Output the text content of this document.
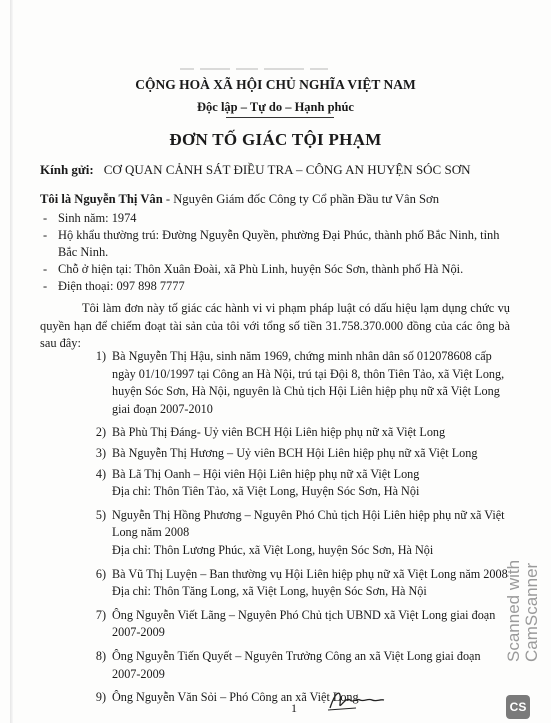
CỘNG HOÀ XÃ HỘI CHỦ NGHĨA VIỆT NAM
Độc lập – Tự do – Hạnh phúc
ĐƠN TỐ GIÁC TỘI PHẠM
Kính gửi: CƠ QUAN CẢNH SÁT ĐIỀU TRA – CÔNG AN HUYỆN SÓC SƠN
Tôi là Nguyễn Thị Vân - Nguyên Giám đốc Công ty Cổ phần Đầu tư Vân Sơn
- Sinh năm: 1974
- Hộ khẩu thường trú: Đường Nguyễn Quyền, phường Đại Phúc, thành phố Bắc Ninh, tỉnh Bắc Ninh.
- Chỗ ở hiện tại: Thôn Xuân Đoài, xã Phù Linh, huyện Sóc Sơn, thành phố Hà Nội.
- Điện thoại: 097 898 7777

Tôi làm đơn này tố giác các hành vi vi phạm pháp luật có dấu hiệu lạm dụng chức vụ quyền hạn để chiếm đoạt tài sản của tôi với tổng số tiền 31.758.370.000 đồng của các ông bà sau đây:

1) Bà Nguyễn Thị Hậu, sinh năm 1969, chứng minh nhân dân số 012078608 cấp ngày 01/10/1997 tại Công an Hà Nội, trú tại Đội 8, thôn Tiên Tảo, xã Việt Long, huyện Sóc Sơn, Hà Nội, nguyên là Chủ tịch Hội Liên hiệp phụ nữ xã Việt Long giai đoạn 2007-2010
2) Bà Phù Thị Đáng- Uỷ viên BCH Hội Liên hiệp phụ nữ xã Việt Long
3) Bà Nguyễn Thị Hương – Uỷ viên BCH Hội Liên hiệp phụ nữ xã Việt Long
4) Bà Lã Thị Oanh – Hội viên Hội Liên hiệp phụ nữ xã Việt Long
Địa chỉ: Thôn Tiên Tảo, xã Việt Long, Huyện Sóc Sơn, Hà Nội
5) Nguyễn Thị Hồng Phương – Nguyên Phó Chủ tịch Hội Liên hiệp phụ nữ xã Việt Long năm 2008
Địa chỉ: Thôn Lương Phúc, xã Việt Long, huyện Sóc Sơn, Hà Nội
6) Bà Vũ Thị Luyện – Ban thường vụ Hội Liên hiệp phụ nữ xã Việt Long năm 2008
Địa chỉ: Thôn Tăng Long, xã Việt Long, huyện Sóc Sơn, Hà Nội
7) Ông Nguyễn Viết Lãng – Nguyên Phó Chủ tịch UBND xã Việt Long giai đoạn 2007-2009
8) Ông Nguyễn Tiến Quyết – Nguyên Trưởng Công an xã Việt Long giai đoạn 2007-2009
9) Ông Nguyễn Văn Sỏi – Phó Công an xã Việt Long
1
Scanned with CamScanner
CS
